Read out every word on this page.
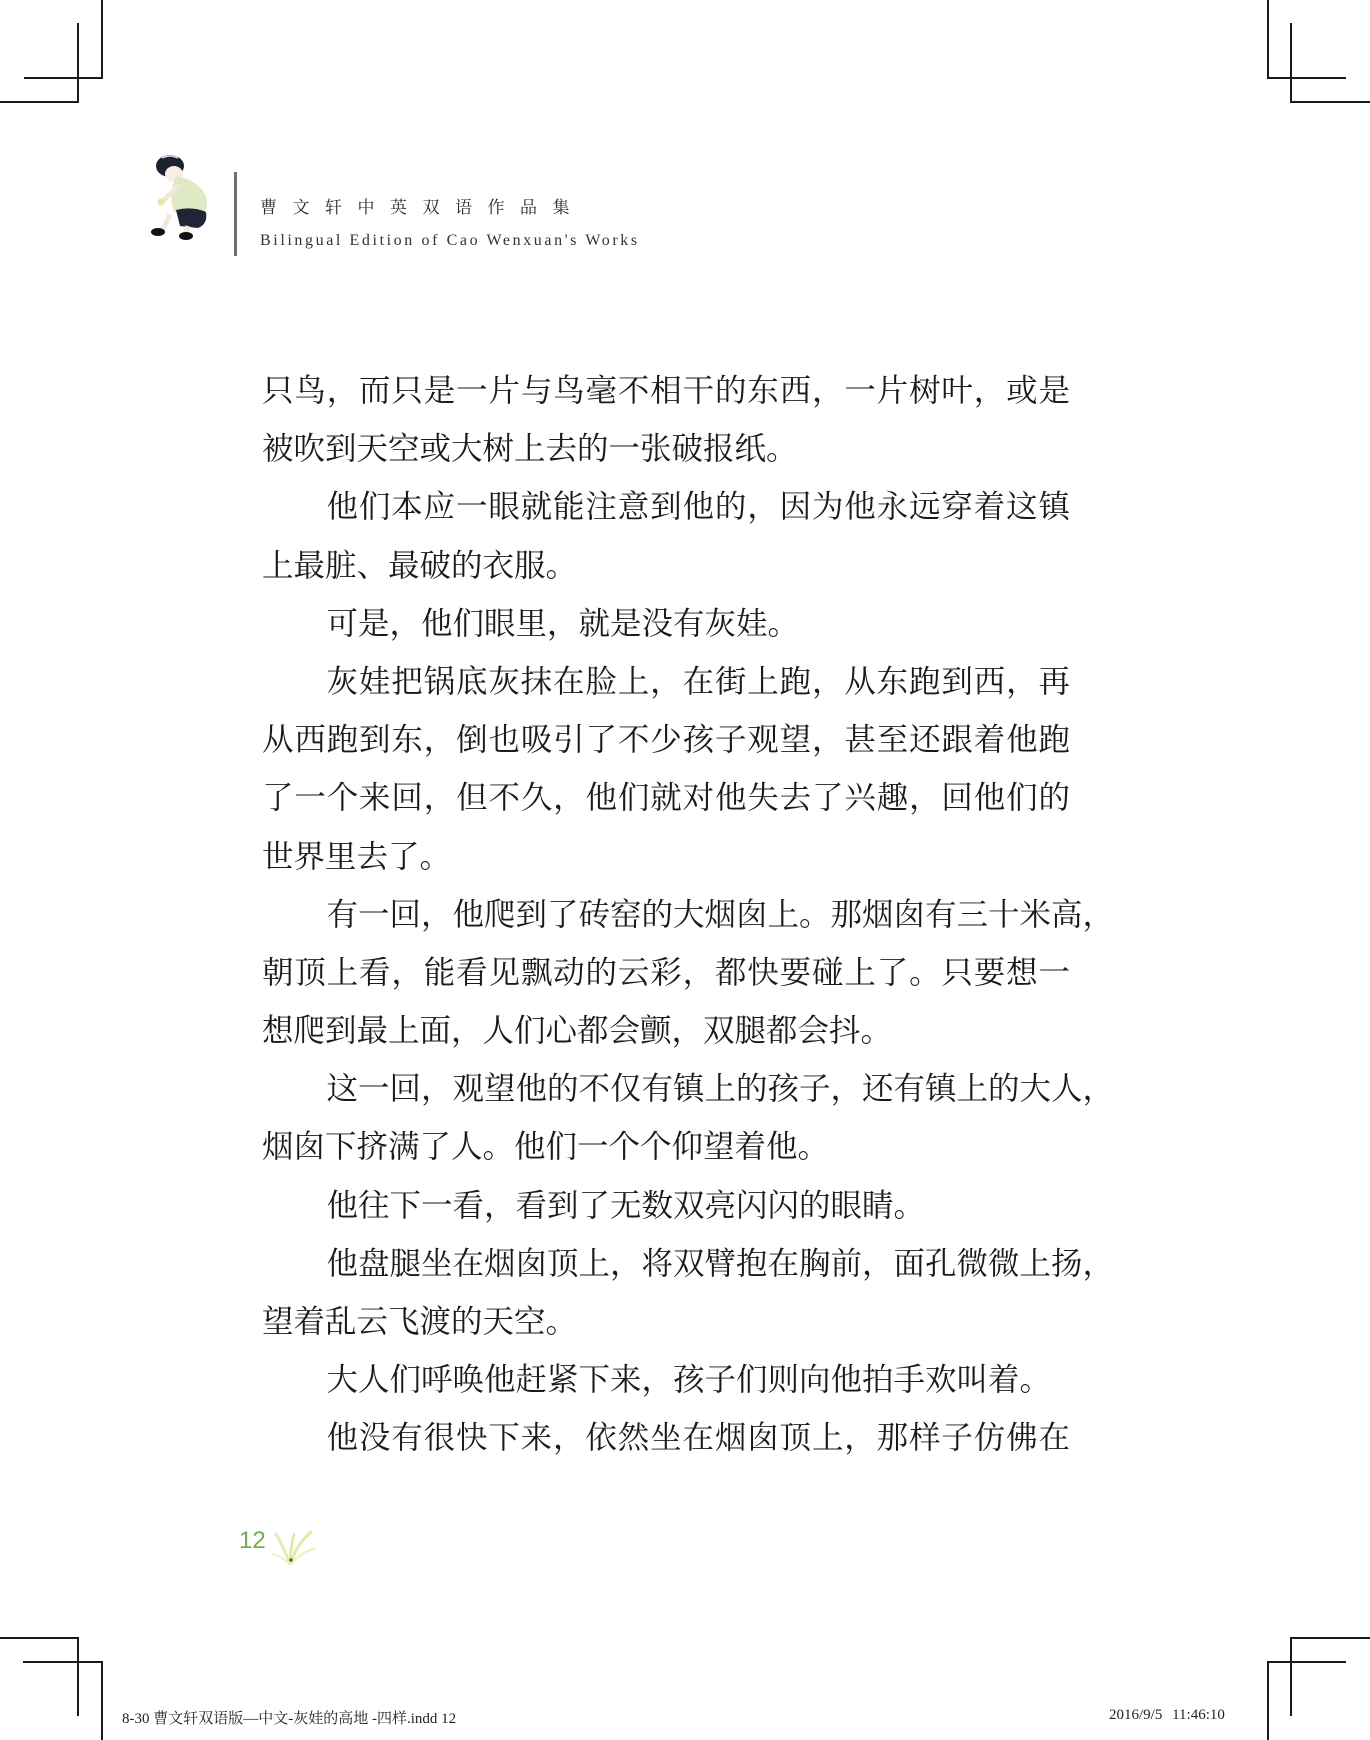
曹文轩中英双语作品集
Bilingual Edition of Cao Wenxuan's Works
只鸟，而只是一片与鸟毫不相干的东西，一片树叶，或是
被吹到天空或大树上去的一张破报纸。
他们本应一眼就能注意到他的，因为他永远穿着这镇
上最脏、最破的衣服。
可是，他们眼里，就是没有灰娃。
灰娃把锅底灰抹在脸上，在街上跑，从东跑到西，再
从西跑到东，倒也吸引了不少孩子观望，甚至还跟着他跑
了一个来回，但不久，他们就对他失去了兴趣，回他们的
世界里去了。
有一回，他爬到了砖窑的大烟囱上。那烟囱有三十米高，
朝顶上看，能看见飘动的云彩，都快要碰上了。只要想一
想爬到最上面，人们心都会颤，双腿都会抖。
这一回，观望他的不仅有镇上的孩子，还有镇上的大人，
烟囱下挤满了人。他们一个个仰望着他。
他往下一看，看到了无数双亮闪闪的眼睛。
他盘腿坐在烟囱顶上，将双臂抱在胸前，面孔微微上扬，
望着乱云飞渡的天空。
大人们呼唤他赶紧下来，孩子们则向他拍手欢叫着。
他没有很快下来，依然坐在烟囱顶上，那样子仿佛在
12
8-30 曹文轩双语版—中文-灰娃的高地 -四样.indd 12	2016/9/5 11:46:10
